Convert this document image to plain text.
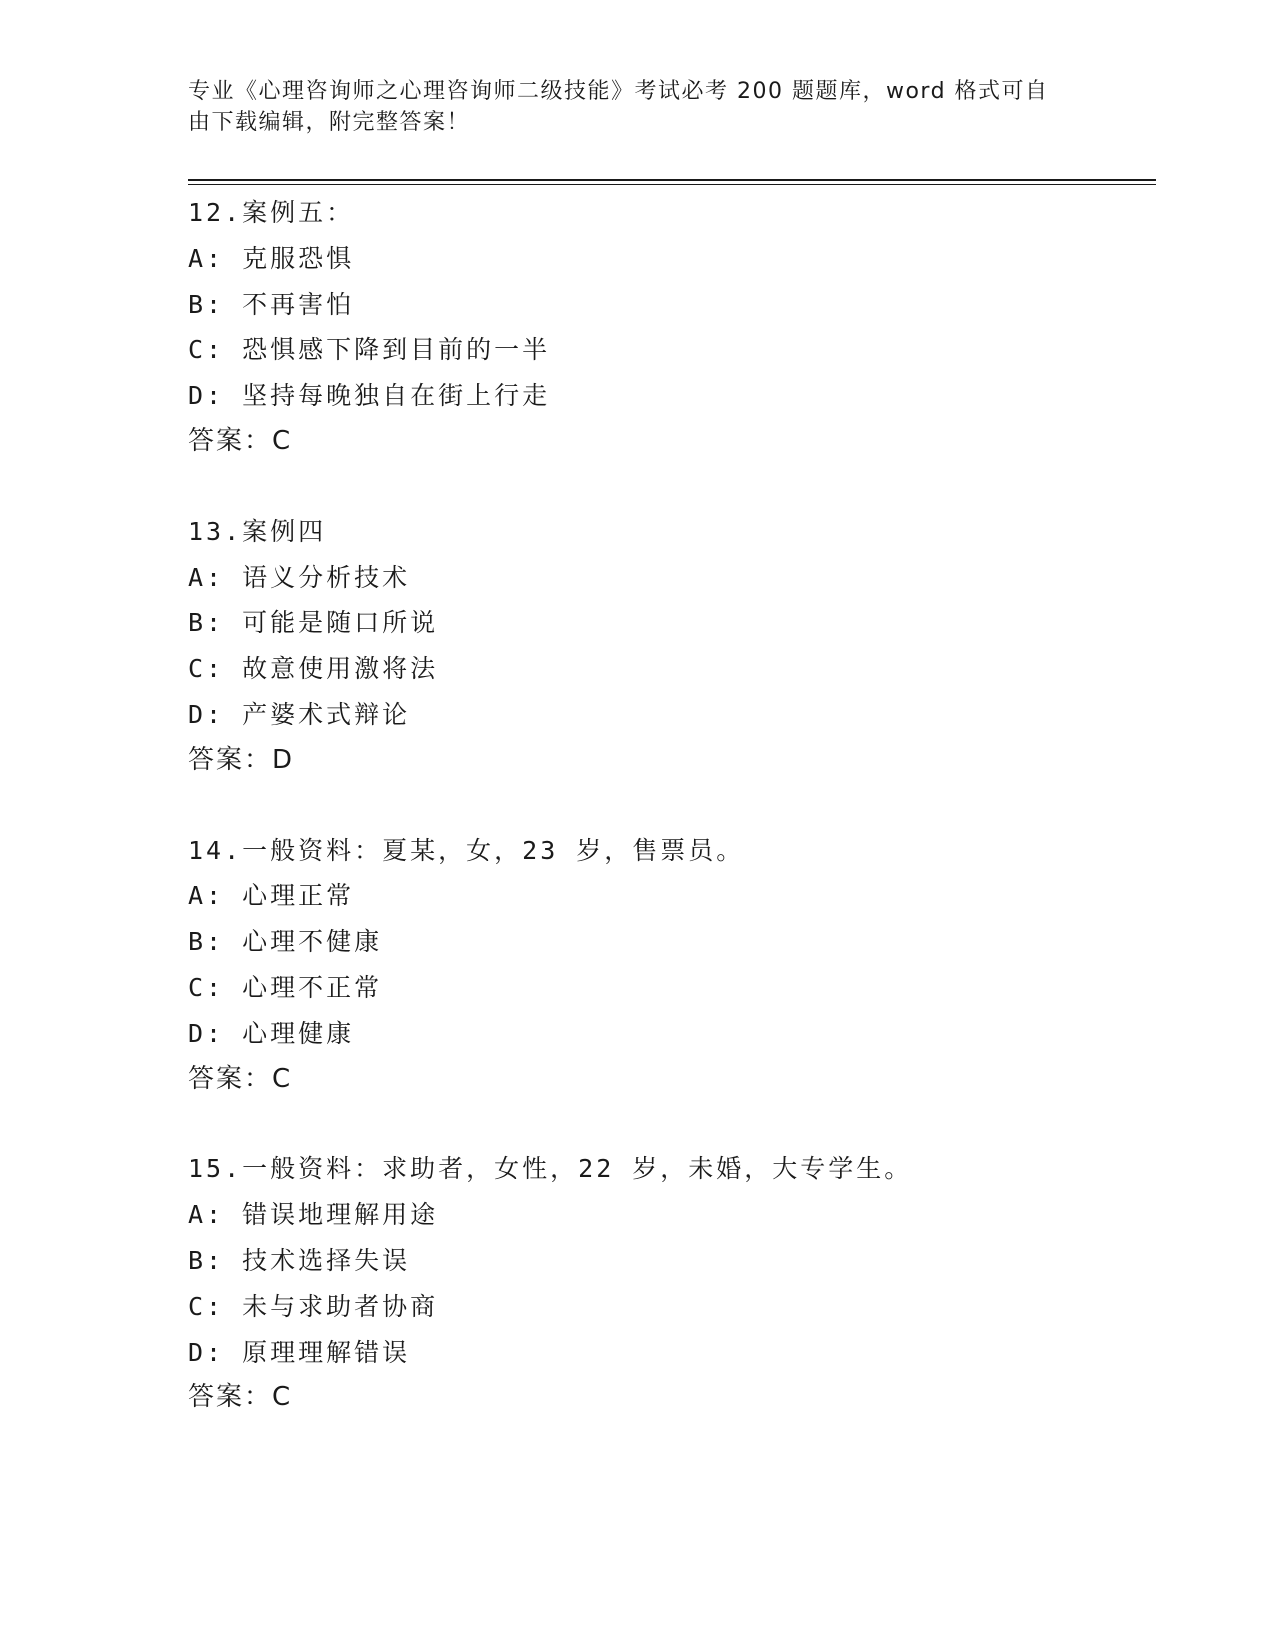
专业《心理咨询师之心理咨询师二级技能》考试必考 200 题题库，word 格式可自
由下载编辑，附完整答案！
12.案例五：
A: 克服恐惧
B: 不再害怕
C: 恐惧感下降到目前的一半
D: 坚持每晚独自在街上行走
答案：C
13.案例四
A: 语义分析技术
B: 可能是随口所说
C: 故意使用激将法
D: 产婆术式辩论
答案：D
14.一般资料：夏某，女，23 岁，售票员。
A: 心理正常
B: 心理不健康
C: 心理不正常
D: 心理健康
答案：C
15.一般资料：求助者，女性，22 岁，未婚，大专学生。
A: 错误地理解用途
B: 技术选择失误
C: 未与求助者协商
D: 原理理解错误
答案：C
